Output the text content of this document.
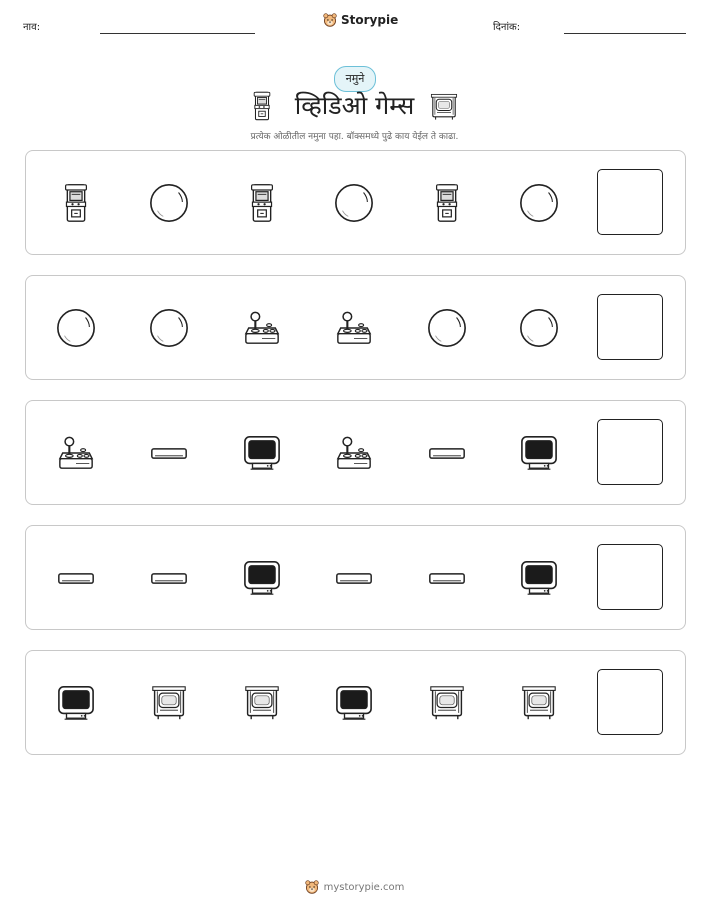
नाव:
Storypie
दिनांक:
नमुने
व्हिडिओ गेम्स
प्रत्येक ओळीतील नमुना पहा. बॉक्समध्ये पुढे काय येईल ते काढा.
mystorypie.com
